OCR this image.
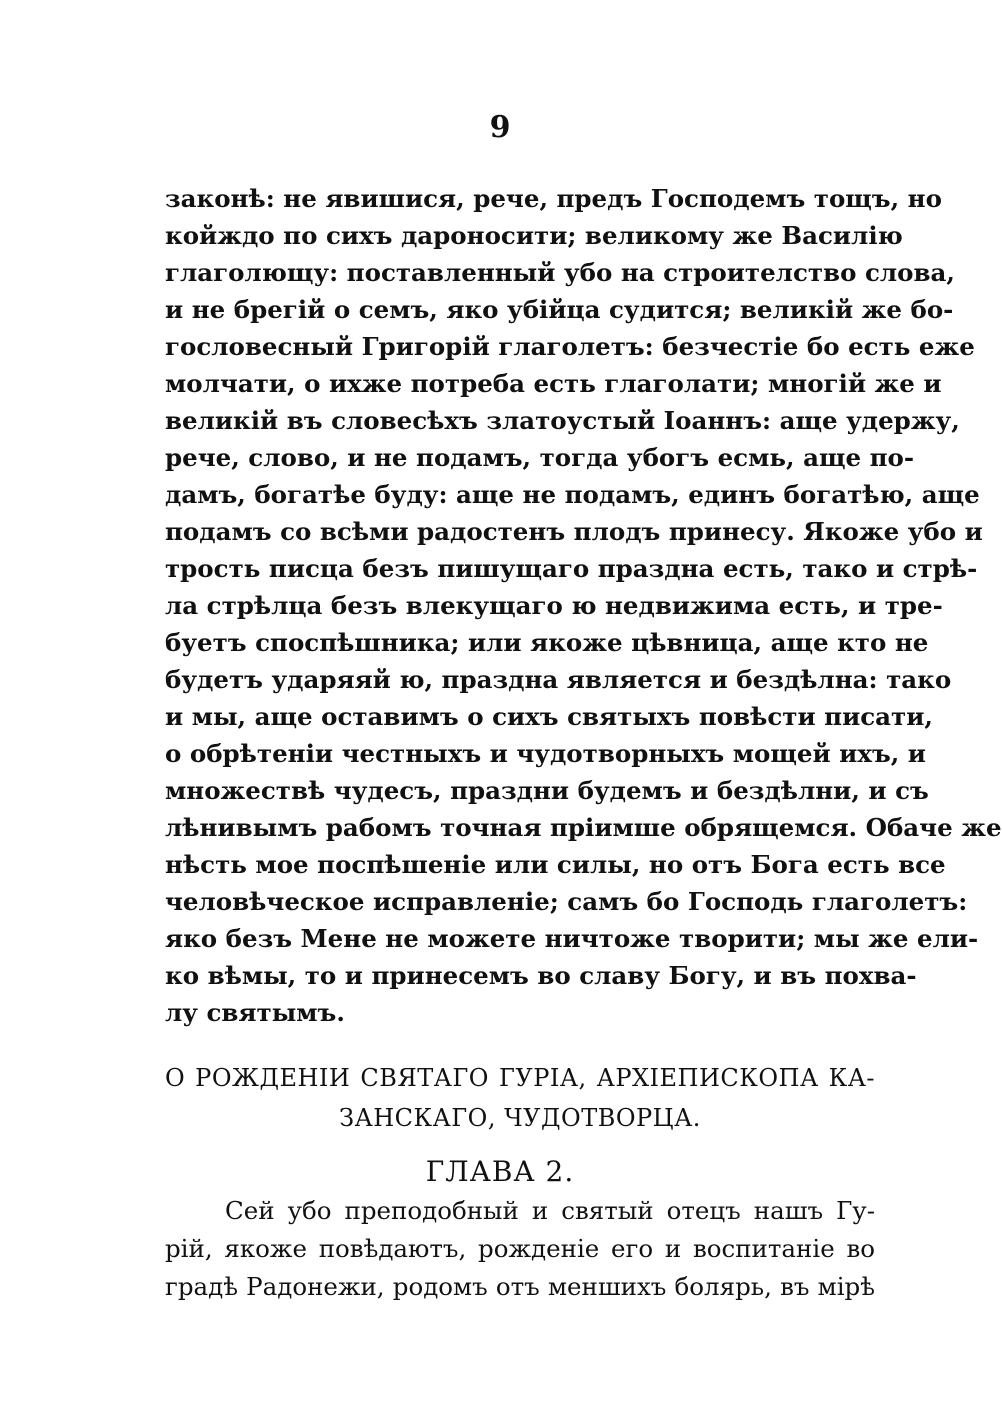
9
законѣ: не явишися, рече, предъ Господемъ тощъ, но
койждо по сихъ дароносити; великому же Василію
глаголющу: поставленный убо на строителство слова,
и не брегій о семъ, яко убійца судится; великій же бо-
гословесный Григорій глаголетъ: безчестіе бо есть еже
молчати, о ихже потреба есть глаголати; многій же и
великій въ словесѣхъ златоустый Іоаннъ: аще удержу,
рече, слово, и не подамъ, тогда убогъ есмь, аще по-
дамъ, богатѣе буду: аще не подамъ, единъ богатѣю, аще
подамъ со всѣми радостенъ плодъ принесу. Якоже убо и
трость писца безъ пишущаго праздна есть, тако и стрѣ-
ла стрѣлца безъ влекущаго ю недвижима есть, и тре-
буетъ споспѣшника; или якоже цѣвница, аще кто не
будетъ ударяяй ю, праздна является и бездѣлна: тако
и мы, аще оставимъ о сихъ святыхъ повѣсти писати,
о обрѣтеніи честныхъ и чудотворныхъ мощей ихъ, и
множествѣ чудесъ, праздни будемъ и бездѣлни, и съ
лѣнивымъ рабомъ точная пріимше обрящемся. Обаче же
нѣсть мое поспѣшеніе или силы, но отъ Бога есть все
человѣческое исправленіе; самъ бо Господь глаголетъ:
яко безъ Мене не можете ничтоже творити; мы же ели-
ко вѣмы, то и принесемъ во славу Богу, и въ похва-
лу святымъ.
О РОЖДЕНІИ СВЯТАГО ГУРІА, АРХІЕПИСКОПА КА-
ЗАНСКАГО, ЧУДОТВОРЦА.
ГЛАВА 2.
Сей убо преподобный и святый отецъ нашъ Гу-
рій, якоже повѣдаютъ, рожденіе его и воспитаніе во
градѣ Радонежи, родомъ отъ меншихъ болярь, въ мірѣ
